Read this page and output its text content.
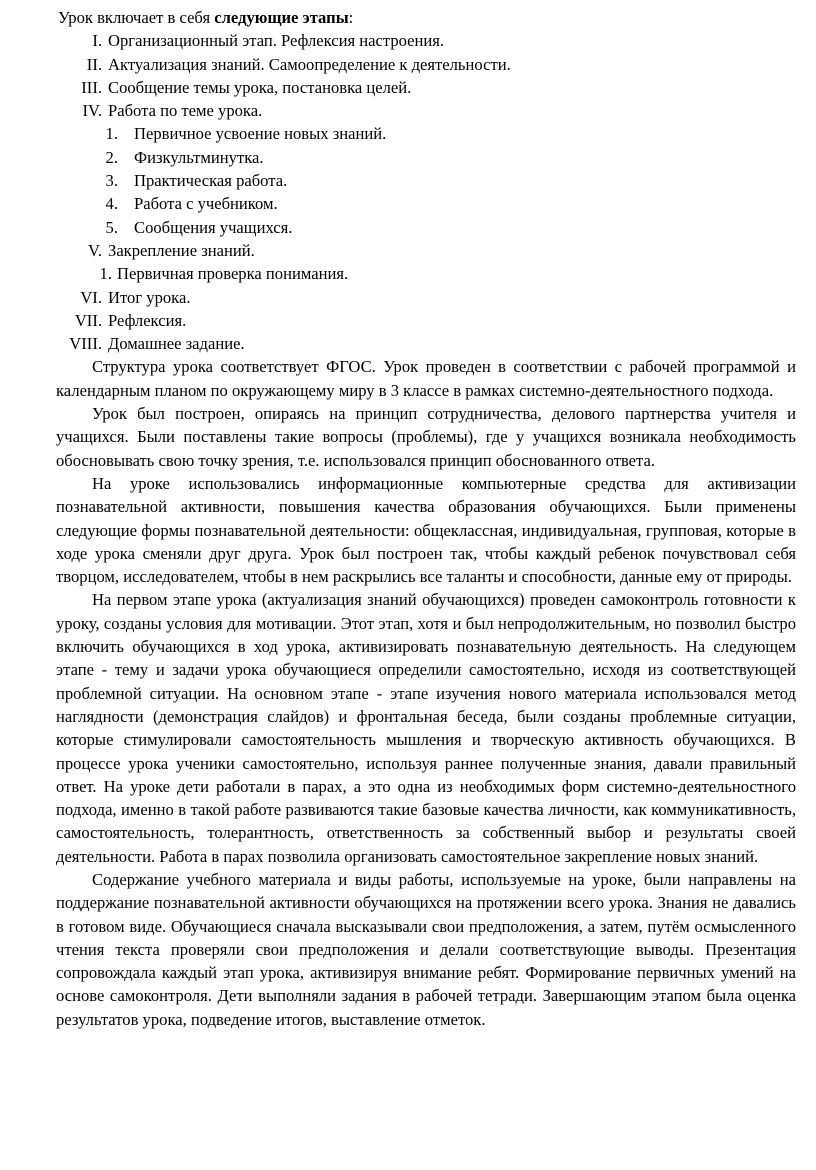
Урок включает в себя следующие этапы:

I. Организационный этап. Рефлексия настроения.
II. Актуализация знаний. Самоопределение к деятельности.
III. Сообщение темы урока, постановка целей.
IV. Работа по теме урока.
1. Первичное усвоение новых знаний.
2. Физкультминутка.
3. Практическая работа.
4. Работа с учебником.
5. Сообщения учащихся.
V. Закрепление знаний.
1. Первичная проверка понимания.
VI. Итог урока.
VII. Рефлексия.
VIII. Домашнее задание.

Структура урока соответствует ФГОС. Урок проведен в соответствии с рабочей программой и календарным планом по окружающему миру в 3 классе в рамках системно-деятельностного подхода.

Урок был построен, опираясь на принцип сотрудничества, делового партнерства учителя и учащихся. Были поставлены такие вопросы (проблемы), где у учащихся возникала необходимость обосновывать свою точку зрения, т.е. использовался принцип обоснованного ответа.

На уроке использовались информационные компьютерные средства для активизации познавательной активности, повышения качества образования обучающихся. Были применены следующие формы познавательной деятельности: общеклассная, индивидуальная, групповая, которые в ходе урока сменяли друг друга. Урок был построен так, чтобы каждый ребенок почувствовал себя творцом, исследователем, чтобы в нем раскрылись все таланты и способности, данные ему от природы.

На первом этапе урока (актуализация знаний обучающихся) проведен самоконтроль готовности к уроку, созданы условия для мотивации. Этот этап, хотя и был непродолжительным, но позволил быстро включить обучающихся в ход урока, активизировать познавательную деятельность. На следующем этапе - тему и задачи урока обучающиеся определили самостоятельно, исходя из соответствующей проблемной ситуации. На основном этапе - этапе изучения нового материала использовался метод наглядности (демонстрация слайдов) и фронтальная беседа, были созданы проблемные ситуации, которые стимулировали самостоятельность мышления и творческую активность обучающихся. В процессе урока ученики самостоятельно, используя раннее полученные знания, давали правильный ответ. На уроке дети работали в парах, а это одна из необходимых форм системно-деятельностного подхода, именно в такой работе развиваются такие базовые качества личности, как коммуникативность, самостоятельность, толерантность, ответственность за собственный выбор и результаты своей деятельности. Работа в парах позволила организовать самостоятельное закрепление новых знаний.

Содержание учебного материала и виды работы, используемые на уроке, были направлены на поддержание познавательной активности обучающихся на протяжении всего урока. Знания не давались в готовом виде. Обучающиеся сначала высказывали свои предположения, а затем, путём осмысленного чтения текста проверяли свои предположения и делали соответствующие выводы. Презентация сопровождала каждый этап урока, активизируя внимание ребят. Формирование первичных умений на основе самоконтроля. Дети выполняли задания в рабочей тетради. Завершающим этапом была оценка результатов урока, подведение итогов, выставление отметок.
